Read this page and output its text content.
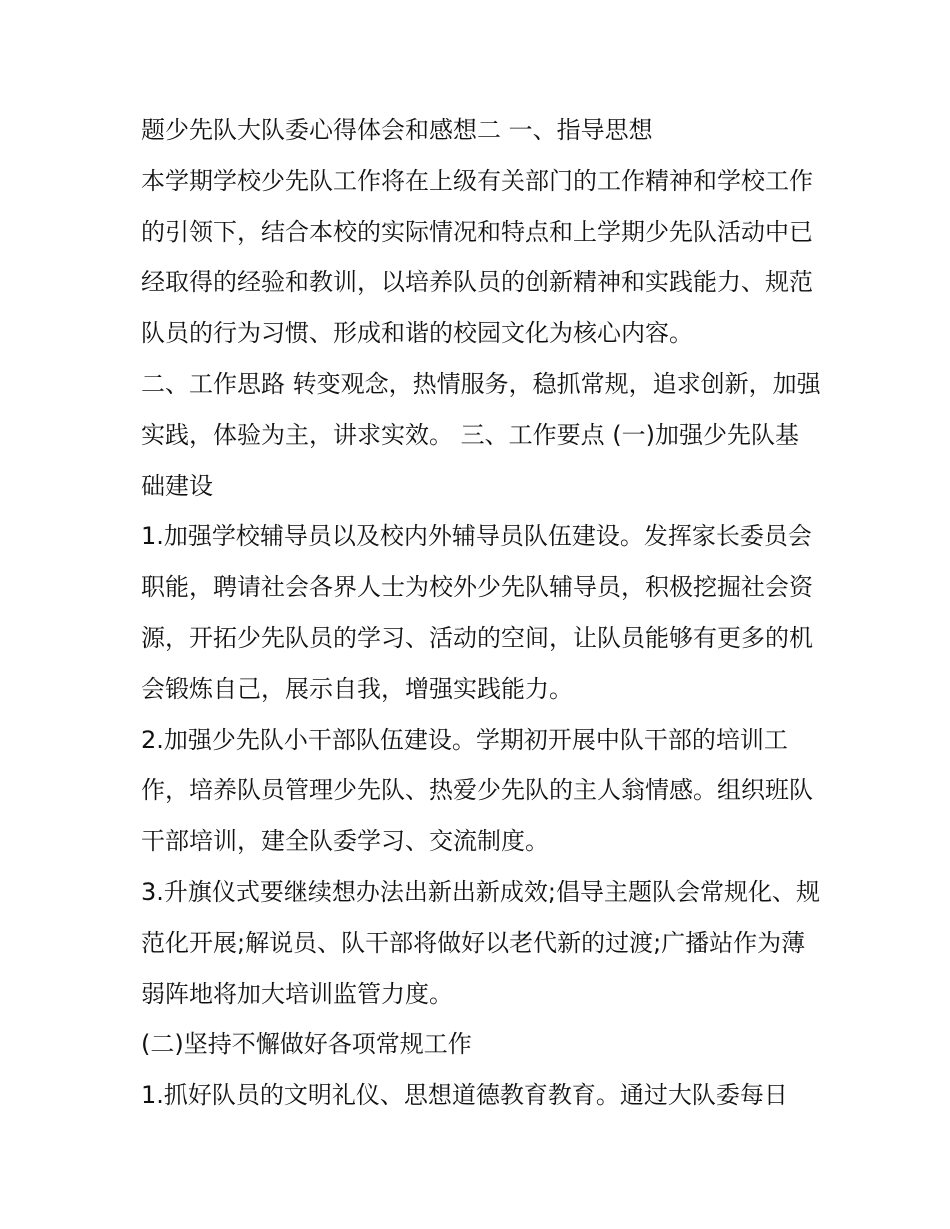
题少先队大队委心得体会和感想二 一、指导思想

本学期学校少先队工作将在上级有关部门的工作精神和学校工作的引领下，结合本校的实际情况和特点和上学期少先队活动中已经取得的经验和教训，以培养队员的创新精神和实践能力、规范队员的行为习惯、形成和谐的校园文化为核心内容。

二、工作思路 转变观念，热情服务，稳抓常规，追求创新，加强实践，体验为主，讲求实效。 三、工作要点 (一)加强少先队基础建设

1.加强学校辅导员以及校内外辅导员队伍建设。发挥家长委员会职能，聘请社会各界人士为校外少先队辅导员，积极挖掘社会资源，开拓少先队员的学习、活动的空间，让队员能够有更多的机会锻炼自己，展示自我，增强实践能力。

2.加强少先队小干部队伍建设。学期初开展中队干部的培训工作，培养队员管理少先队、热爱少先队的主人翁情感。组织班队干部培训，建全队委学习、交流制度。

3.升旗仪式要继续想办法出新出新成效;倡导主题队会常规化、规范化开展;解说员、队干部将做好以老代新的过渡;广播站作为薄弱阵地将加大培训监管力度。

(二)坚持不懈做好各项常规工作

1.抓好队员的文明礼仪、思想道德教育教育。通过大队委每日
